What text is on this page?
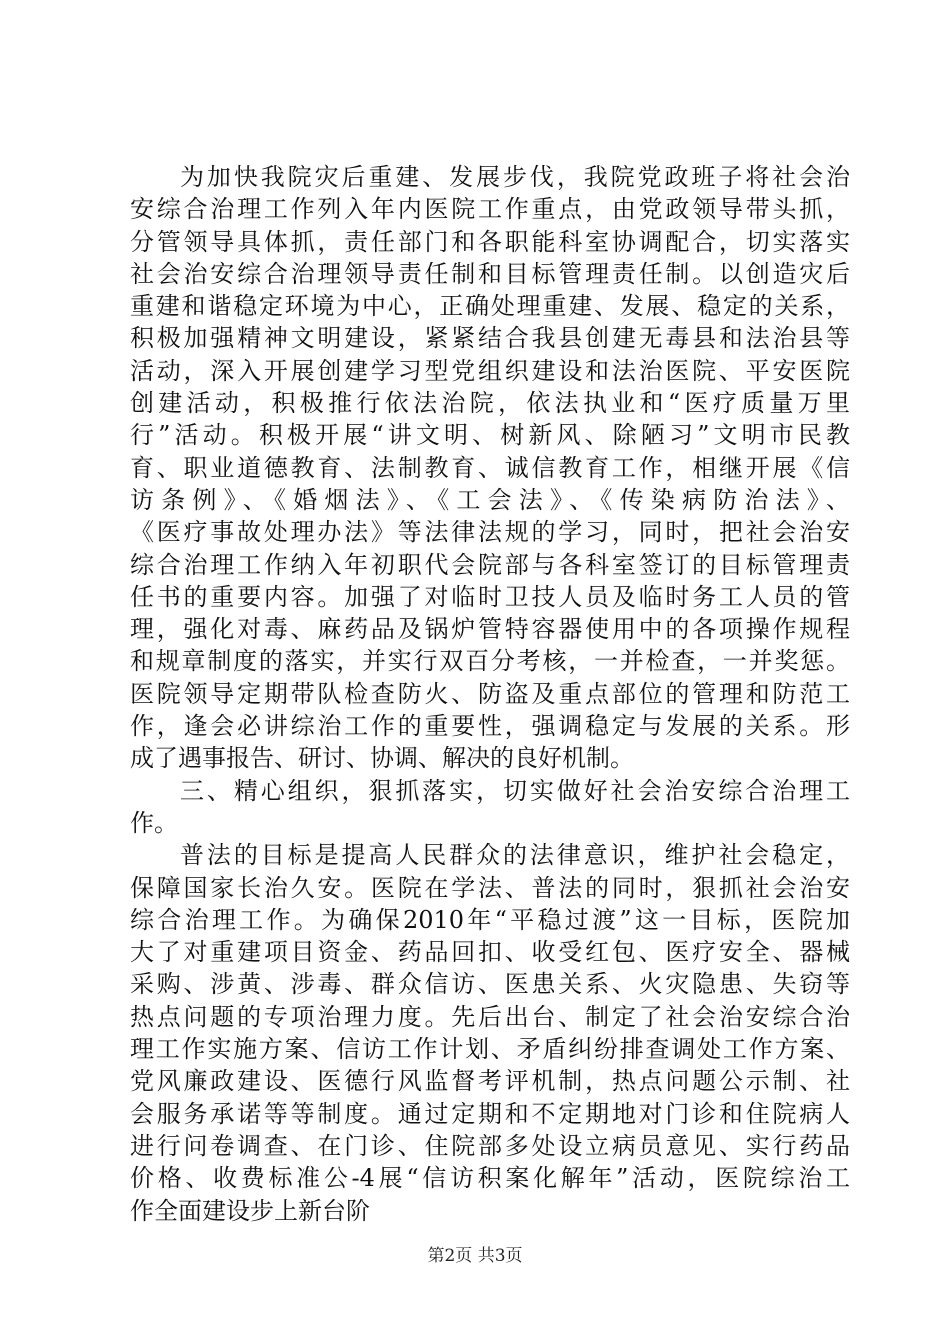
为加快我院灾后重建、发展步伐，我院党政班子将社会治
安综合治理工作列入年内医院工作重点，由党政领导带头抓，
分管领导具体抓，责任部门和各职能科室协调配合，切实落实
社会治安综合治理领导责任制和目标管理责任制。以创造灾后
重建和谐稳定环境为中心，正确处理重建、发展、稳定的关系，
积极加强精神文明建设，紧紧结合我县创建无毒县和法治县等
活动，深入开展创建学习型党组织建设和法治医院、平安医院
创建活动，积极推行依法治院，依法执业和“医疗质量万里
行”活动。积极开展“讲文明、树新风、除陋习”文明市民教
育、职业道德教育、法制教育、诚信教育工作，相继开展《信
访条例》、《婚烟法》、《工会法》、《传染病防治法》、
《医疗事故处理办法》等法律法规的学习，同时，把社会治安
综合治理工作纳入年初职代会院部与各科室签订的目标管理责
任书的重要内容。加强了对临时卫技人员及临时务工人员的管
理，强化对毒、麻药品及锅炉管特容器使用中的各项操作规程
和规章制度的落实，并实行双百分考核，一并检查，一并奖惩。
医院领导定期带队检查防火、防盗及重点部位的管理和防范工
作，逢会必讲综治工作的重要性，强调稳定与发展的关系。形
成了遇事报告、研讨、协调、解决的良好机制。
三、精心组织，狠抓落实，切实做好社会治安综合治理工
作。
普法的目标是提高人民群众的法律意识，维护社会稳定，
保障国家长治久安。医院在学法、普法的同时，狠抓社会治安
综合治理工作。为确保2010年“平稳过渡”这一目标，医院加
大了对重建项目资金、药品回扣、收受红包、医疗安全、器械
采购、涉黄、涉毒、群众信访、医患关系、火灾隐患、失窃等
热点问题的专项治理力度。先后出台、制定了社会治安综合治
理工作实施方案、信访工作计划、矛盾纠纷排查调处工作方案、
党风廉政建设、医德行风监督考评机制，热点问题公示制、社
会服务承诺等等制度。通过定期和不定期地对门诊和住院病人
进行问卷调查、在门诊、住院部多处设立病员意见、实行药品
价格、收费标准公-4展“信访积案化解年”活动，医院综治工
作全面建设步上新台阶
第2页 共3页
